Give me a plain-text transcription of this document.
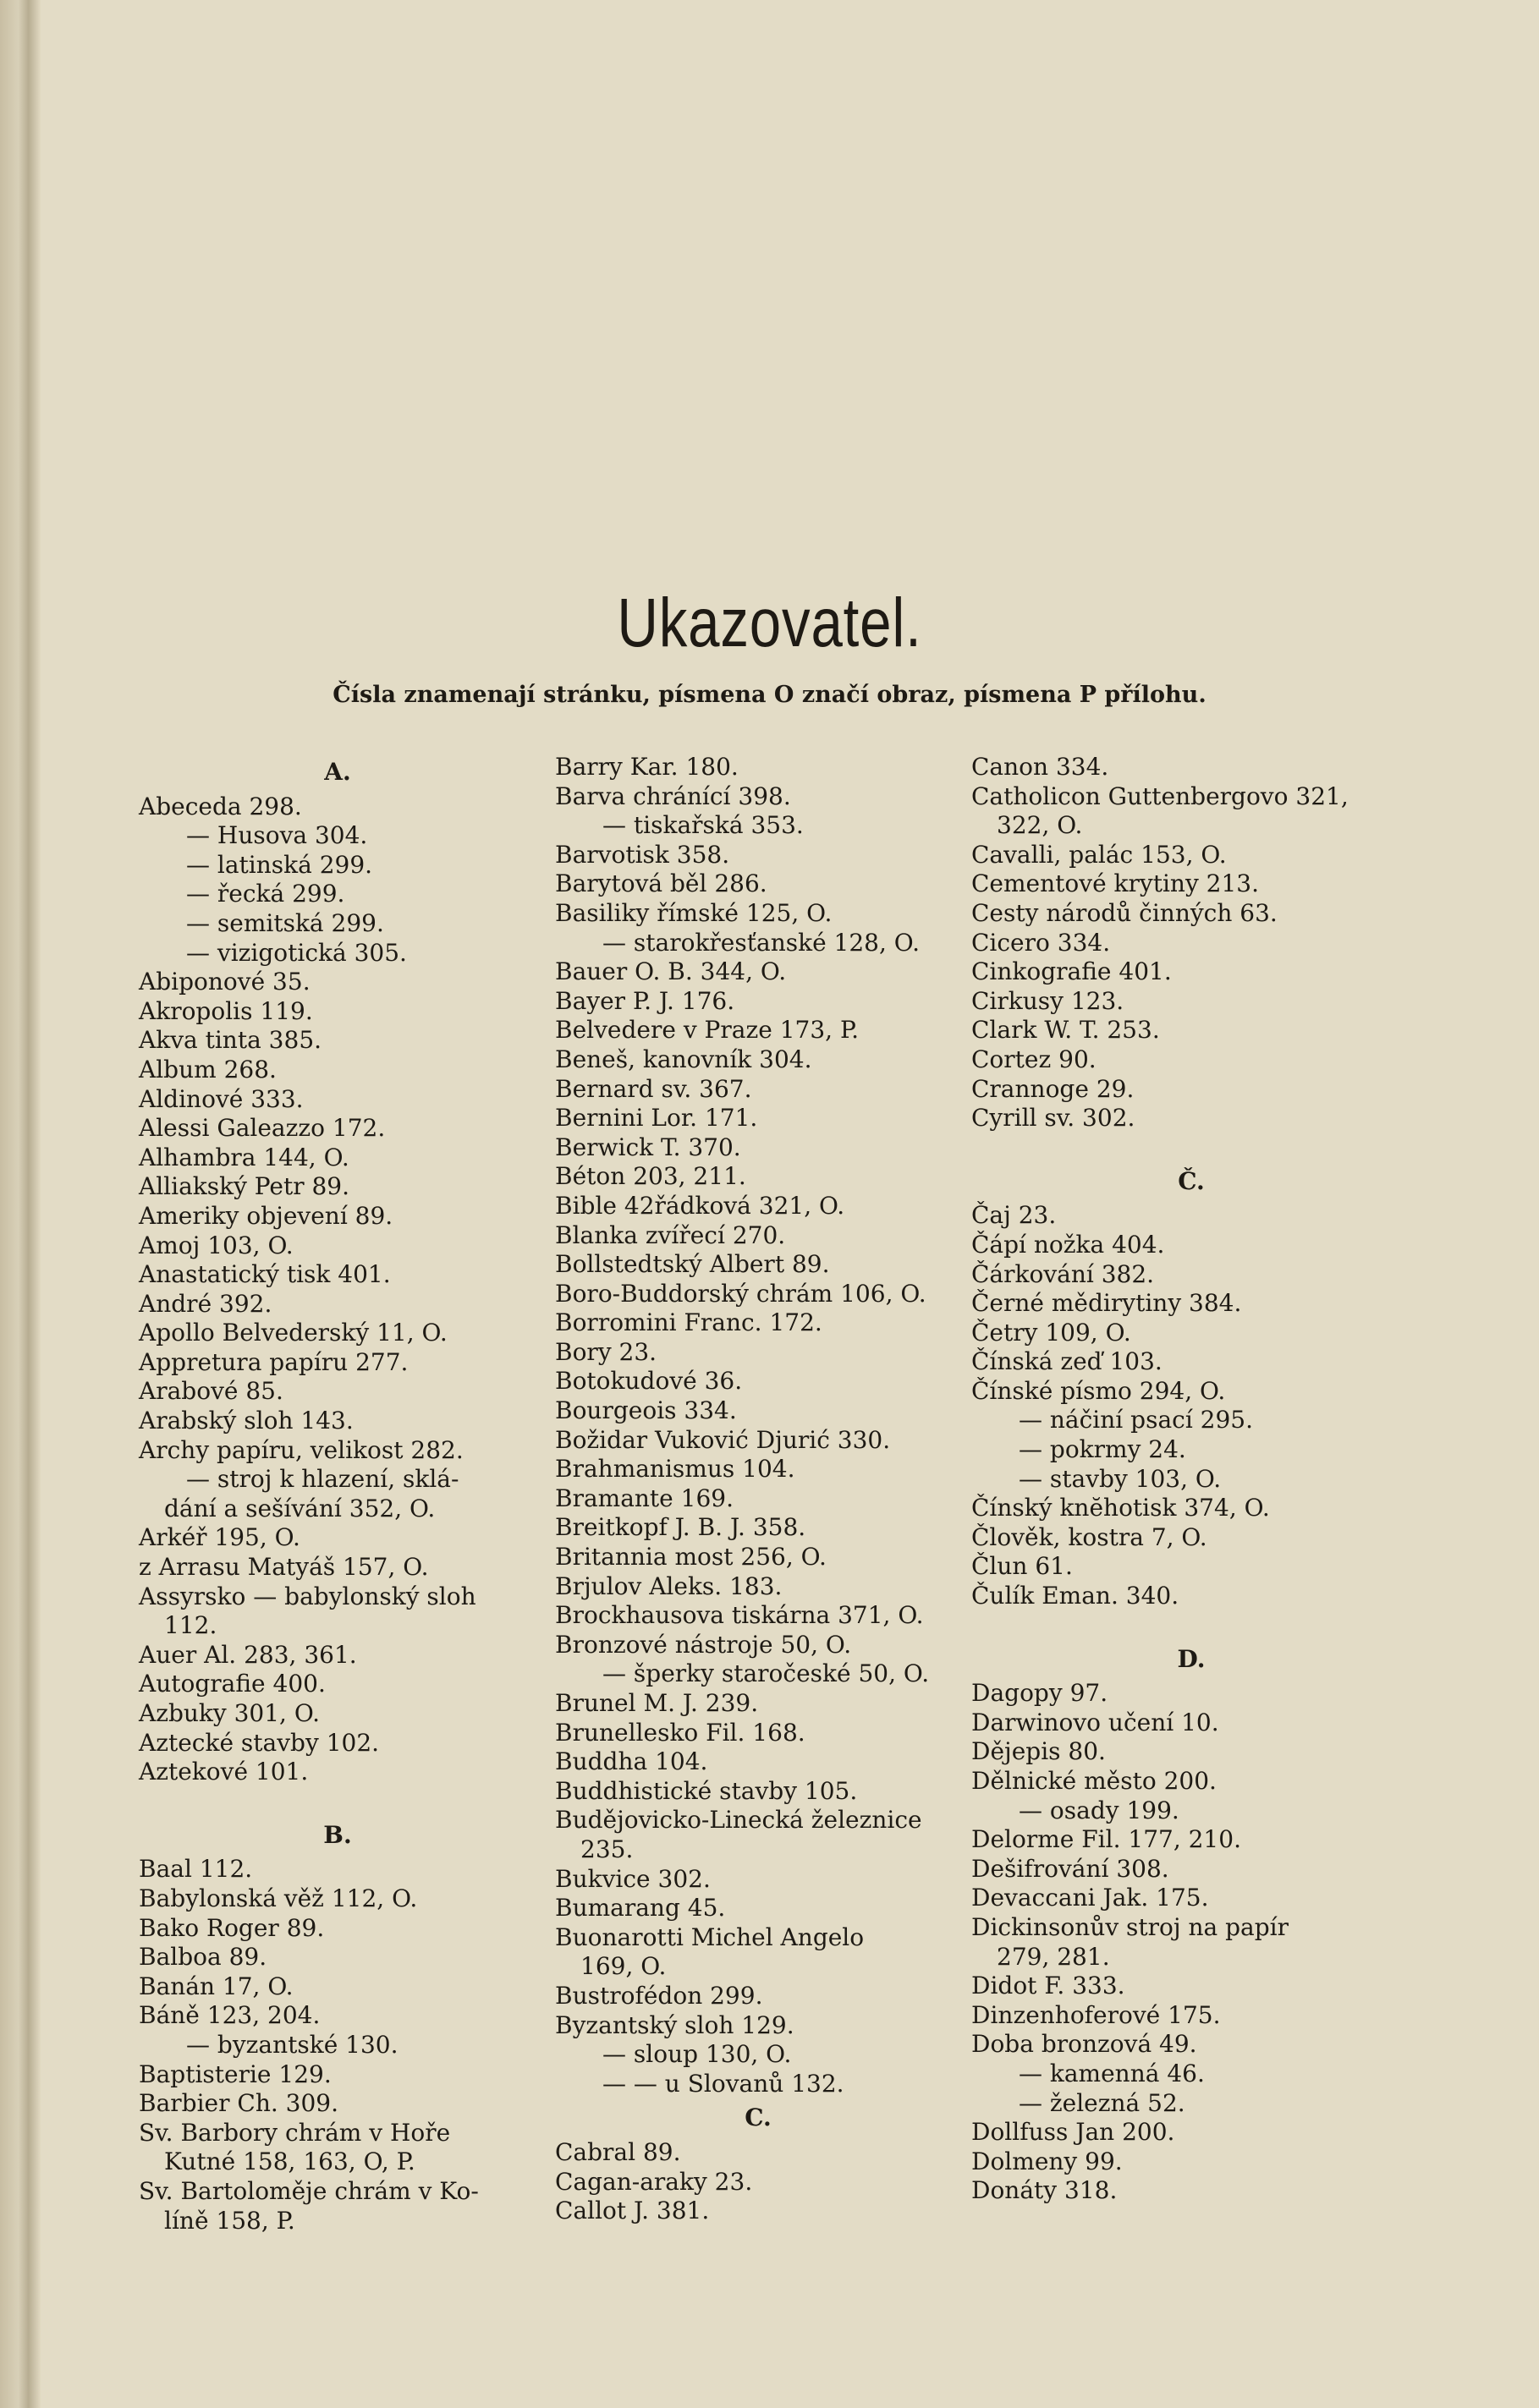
Ukazovatel.
Čísla znamenají stránku, písmena O značí obraz, písmena P přílohu.
A.
Abeceda 298.
— Husova 304.
— latinská 299.
— řecká 299.
— semitská 299.
— vizigotická 305.
Abiponové 35.
Akropolis 119.
Akva tinta 385.
Album 268.
Aldinové 333.
Alessi Galeazzo 172.
Alhambra 144, O.
Alliakský Petr 89.
Ameriky objevení 89.
Amoj 103, O.
Anastatický tisk 401.
André 392.
Apollo Belvederský 11, O.
Appretura papíru 277.
Arabové 85.
Arabský sloh 143.
Archy papíru, velikost 282.
— stroj k hlazení, sklá-
dání a sešívání 352, O.
Arkéř 195, O.
z Arrasu Matyáš 157, O.
Assyrsko — babylonský sloh
112.
Auer Al. 283, 361.
Autografie 400.
Azbuky 301, O.
Aztecké stavby 102.
Aztekové 101.
B.
Baal 112.
Babylonská věž 112, O.
Bako Roger 89.
Balboa 89.
Banán 17, O.
Báně 123, 204.
— byzantské 130.
Baptisterie 129.
Barbier Ch. 309.
Sv. Barbory chrám v Hoře
Kutné 158, 163, O, P.
Sv. Bartoloměje chrám v Ko-
líně 158, P.
Barry Kar. 180.
Barva chránící 398.
— tiskařská 353.
Barvotisk 358.
Barytová běl 286.
Basiliky římské 125, O.
— starokřesťanské 128, O.
Bauer O. B. 344, O.
Bayer P. J. 176.
Belvedere v Praze 173, P.
Beneš, kanovník 304.
Bernard sv. 367.
Bernini Lor. 171.
Berwick T. 370.
Béton 203, 211.
Bible 42řádková 321, O.
Blanka zvířecí 270.
Bollstedtský Albert 89.
Boro-Buddorský chrám 106, O.
Borromini Franc. 172.
Bory 23.
Botokudové 36.
Bourgeois 334.
Božidar Vuković Djurić 330.
Brahmanismus 104.
Bramante 169.
Breitkopf J. B. J. 358.
Britannia most 256, O.
Brjulov Aleks. 183.
Brockhausova tiskárna 371, O.
Bronzové nástroje 50, O.
— šperky staročeské 50, O.
Brunel M. J. 239.
Brunellesko Fil. 168.
Buddha 104.
Buddhistické stavby 105.
Budějovicko-Linecká železnice
235.
Bukvice 302.
Bumarang 45.
Buonarotti Michel Angelo
169, O.
Bustrofédon 299.
Byzantský sloh 129.
— sloup 130, O.
— — u Slovanů 132.
C.
Cabral 89.
Cagan-araky 23.
Callot J. 381.
Canon 334.
Catholicon Guttenbergovo 321,
322, O.
Cavalli, palác 153, O.
Cementové krytiny 213.
Cesty národů činných 63.
Cicero 334.
Cinkografie 401.
Cirkusy 123.
Clark W. T. 253.
Cortez 90.
Crannoge 29.
Cyrill sv. 302.
Č.
Čaj 23.
Čápí nožka 404.
Čárkování 382.
Černé mědirytiny 384.
Četry 109, O.
Čínská zeď 103.
Čínské písmo 294, O.
— náčiní psací 295.
— pokrmy 24.
— stavby 103, O.
Čínský knĕhotisk 374, O.
Člověk, kostra 7, O.
Člun 61.
Čulík Eman. 340.
D.
Dagopy 97.
Darwinovo učení 10.
Dějepis 80.
Dělnické město 200.
— osady 199.
Delorme Fil. 177, 210.
Dešifrování 308.
Devaccani Jak. 175.
Dickinsonův stroj na papír
279, 281.
Didot F. 333.
Dinzenhoferové 175.
Doba bronzová 49.
— kamenná 46.
— železná 52.
Dollfuss Jan 200.
Dolmeny 99.
Donáty 318.
